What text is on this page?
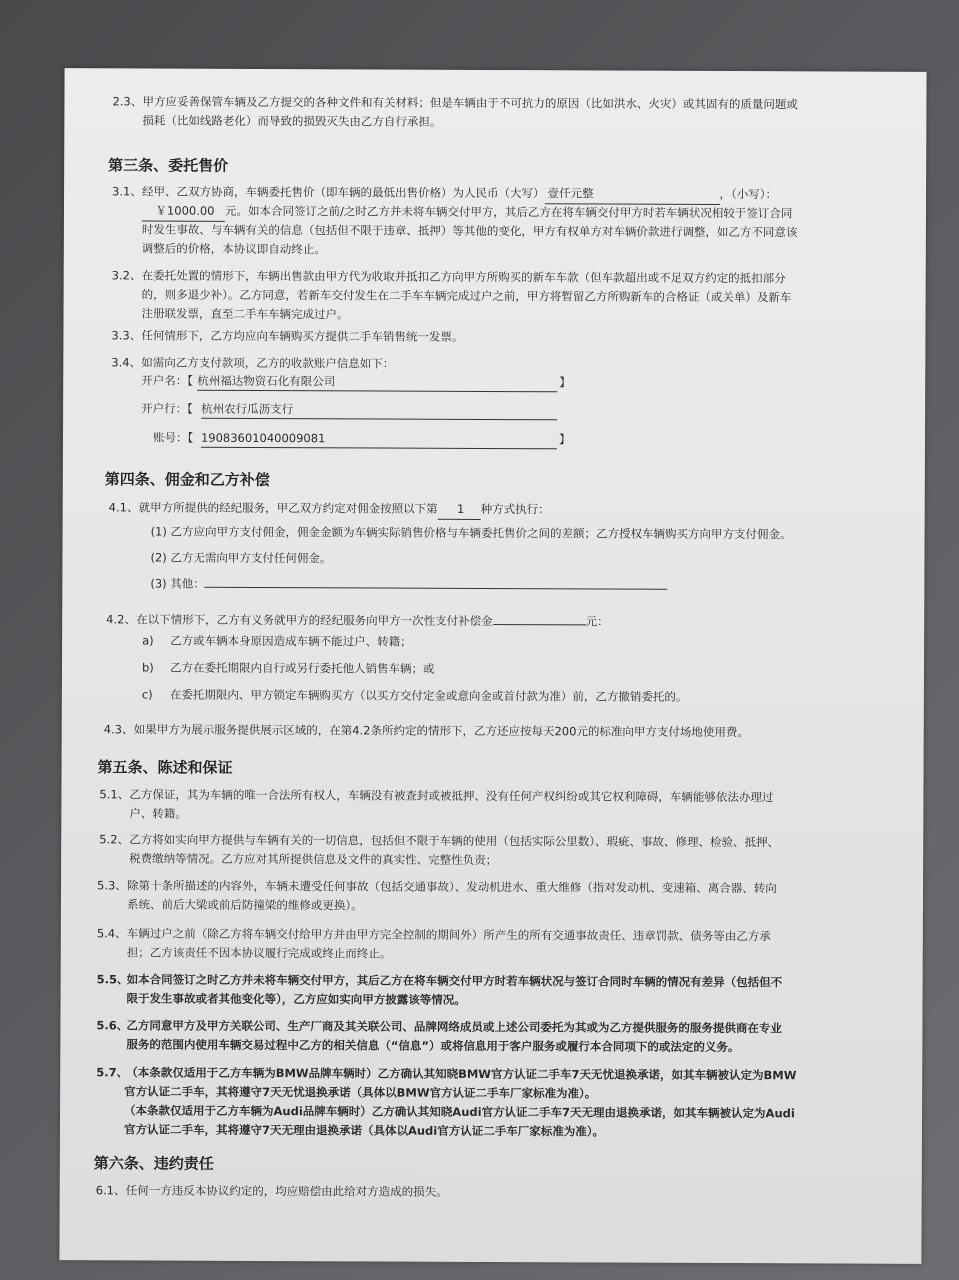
2.3、甲方应妥善保管车辆及乙方提交的各种文件和有关材料；但是车辆由于不可抗力的原因（比如洪水、火灾）或其固有的质量问题或
损耗（比如线路老化）而导致的损毁灭失由乙方自行承担。
第三条、委托售价
3.1、经甲、乙双方协商，车辆委托售价（即车辆的最低出售价格）为人民币（大写） 壹仟元整	，（小写）：
￥1000.00 元。如本合同签订之前/之时乙方并未将车辆交付甲方，其后乙方在将车辆交付甲方时若车辆状况相较于签订合同
时发生事故、与车辆有关的信息（包括但不限于违章、抵押）等其他的变化，甲方有权单方对车辆价款进行调整，如乙方不同意该
调整后的价格，本协议即自动终止。
3.2、在委托处置的情形下，车辆出售款由甲方代为收取并抵扣乙方向甲方所购买的新车车款（但车款超出或不足双方约定的抵扣部分
的，则多退少补）。乙方同意，若新车交付发生在二手车车辆完成过户之前，甲方将暂留乙方所购新车的合格证（或关单）及新车
注册联发票，直至二手车车辆完成过户。
3.3、任何情形下，乙方均应向车辆购买方提供二手车销售统一发票。
3.4、如需向乙方支付款项，乙方的收款账户信息如下：
开户名：【 杭州福达物资石化有限公司	】
开户行：【 杭州农行瓜沥支行
账号：【 19083601040009081	】
第四条、佣金和乙方补偿
4.1、就甲方所提供的经纪服务，甲乙双方约定对佣金按照以下第 1 种方式执行：
(1) 乙方应向甲方支付佣金，佣金金额为车辆实际销售价格与车辆委托售价之间的差额；乙方授权车辆购买方向甲方支付佣金。
(2) 乙方无需向甲方支付任何佣金。
(3) 其他：
4.2、在以下情形下，乙方有义务就甲方的经纪服务向甲方一次性支付补偿金	元：
a) 乙方或车辆本身原因造成车辆不能过户、转籍；
b) 乙方在委托期限内自行或另行委托他人销售车辆；或
c) 在委托期限内、甲方锁定车辆购买方（以买方交付定金或意向金或首付款为准）前，乙方撤销委托的。
4.3、如果甲方为展示服务提供展示区域的，在第4.2条所约定的情形下，乙方还应按每天200元的标准向甲方支付场地使用费。
第五条、陈述和保证
5.1、乙方保证，其为车辆的唯一合法所有权人，车辆没有被查封或被抵押、没有任何产权纠纷或其它权利障碍，车辆能够依法办理过
户、转籍。
5.2、乙方将如实向甲方提供与车辆有关的一切信息，包括但不限于车辆的使用（包括实际公里数）、瑕疵、事故、修理、检验、抵押、
税费缴纳等情况。乙方应对其所提供信息及文件的真实性、完整性负责；
5.3、除第十条所描述的内容外，车辆未遭受任何事故（包括交通事故）、发动机进水、重大维修（指对发动机、变速箱、离合器、转向
系统、前后大梁或前后防撞梁的维修或更换）。
5.4、车辆过户之前（除乙方将车辆交付给甲方并由甲方完全控制的期间外）所产生的所有交通事故责任、违章罚款、债务等由乙方承
担；乙方该责任不因本协议履行完成或终止而终止。
5.5、如本合同签订之时乙方并未将车辆交付甲方，其后乙方在将车辆交付甲方时若车辆状况与签订合同时车辆的情况有差异（包括但不
限于发生事故或者其他变化等），乙方应如实向甲方披露该等情况。
5.6、乙方同意甲方及甲方关联公司、生产厂商及其关联公司、品牌网络成员或上述公司委托为其或为乙方提供服务的服务提供商在专业
服务的范围内使用车辆交易过程中乙方的相关信息（“信息”）或将信息用于客户服务或履行本合同项下的或法定的义务。
5.7、（本条款仅适用于乙方车辆为BMW品牌车辆时）乙方确认其知晓BMW官方认证二手车7天无忧退换承诺，如其车辆被认定为BMW
官方认证二手车，其将遵守7天无忧退换承诺（具体以BMW官方认证二手车厂家标准为准）。
（本条款仅适用于乙方车辆为Audi品牌车辆时）乙方确认其知晓Audi官方认证二手车7天无理由退换承诺，如其车辆被认定为Audi
官方认证二手车，其将遵守7天无理由退换承诺（具体以Audi官方认证二手车厂家标准为准）。
第六条、违约责任
6.1、任何一方违反本协议约定的，均应赔偿由此给对方造成的损失。
